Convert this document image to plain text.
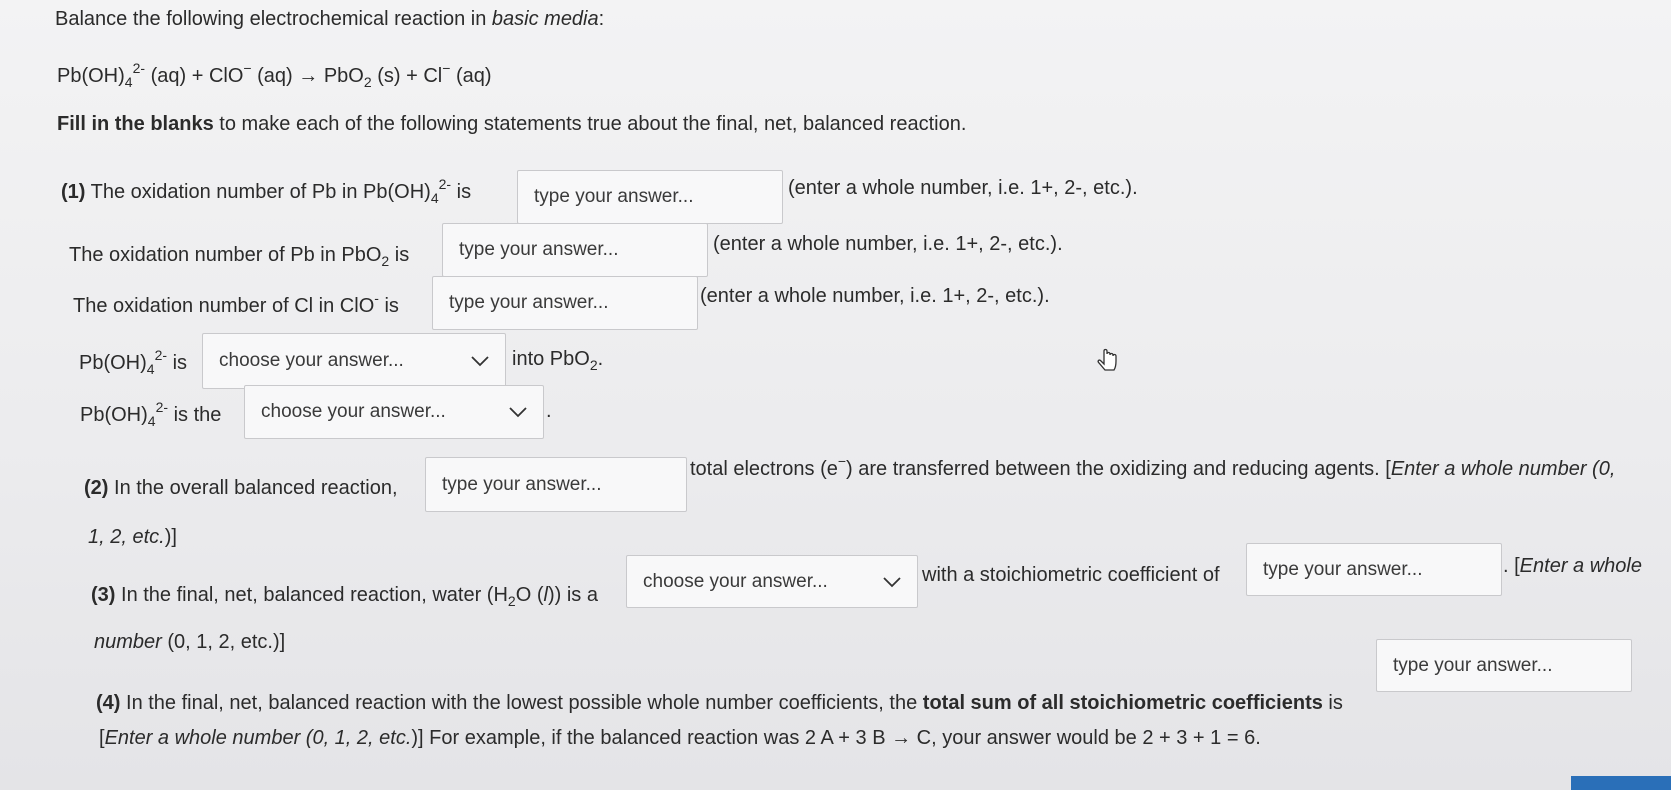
Balance the following electrochemical reaction in basic media:
$Pb(OH)_4^{2-}$ (aq) + ClO− (aq) → PbO$_2$ (s) + Cl− (aq)
Fill in the blanks to make each of the following statements true about the final, net, balanced reaction.
(1) The oxidation number of Pb in $Pb(OH)_4^{2-}$ is
type your answer...	(enter a whole number, i.e. 1+, 2-, etc.).
The oxidation number of Pb in PbO$_2$ is
type your answer...	(enter a whole number, i.e. 1+, 2-, etc.).
The oxidation number of Cl in ClO- is
type your answer...	(enter a whole number, i.e. 1+, 2-, etc.).
$Pb(OH)_4^{2-}$ is choose your answer...	into PbO$_2$.
$Pb(OH)_4^{2-}$ is the choose your answer...	.
(2) In the overall balanced reaction,
type your answer...
total electrons (e−) are transferred between the oxidizing and reducing agents. [Enter a whole number (0,
1, 2, etc.)]
(3) In the final, net, balanced reaction, water ($H_2O$ (l)) is a
choose your answer...	with a stoichiometric coefficient of
type your answer...	. [Enter a whole
number (0, 1, 2, etc.)]
(4) In the final, net, balanced reaction with the lowest possible whole number coefficients, the total sum of all stoichiometric coefficients is
type your answer...
[Enter a whole number (0, 1, 2, etc.)] For example, if the balanced reaction was 2 A + 3 B → C, your answer would be 2 + 3 + 1 = 6.
